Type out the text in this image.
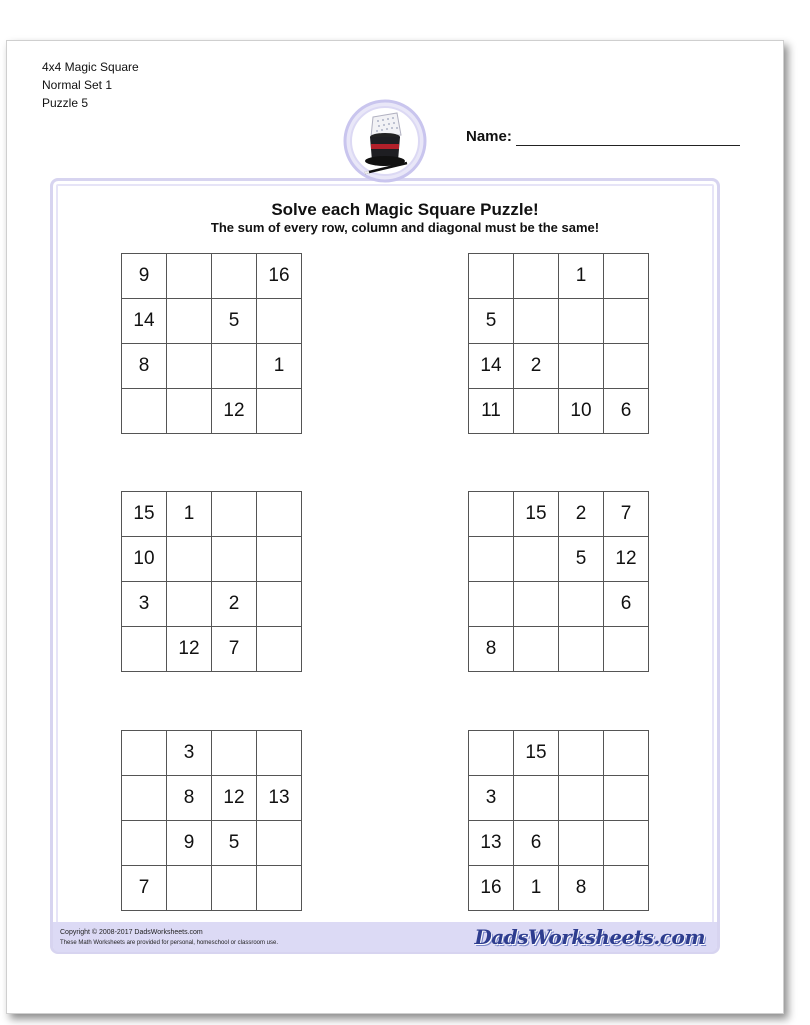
4x4 Magic Square
Normal Set 1
Puzzle 5
Name:
Solve each Magic Square Puzzle!
The sum of every row, column and diagonal must be the same!
9			16
14		5	
8			1
		12	
		1	
5			
14	2		
11		10	6
15	1		
10			
3		2	
	12	7	
	15	2	7
		5	12
			6
8			
	3		
	8	12	13
	9	5	
7			
	15		
3			
13	6		
16	1	8	
Copyright © 2008-2017 DadsWorksheets.com
These Math Worksheets are provided for personal, homeschool or classroom use.	DadsWorksheets.com
